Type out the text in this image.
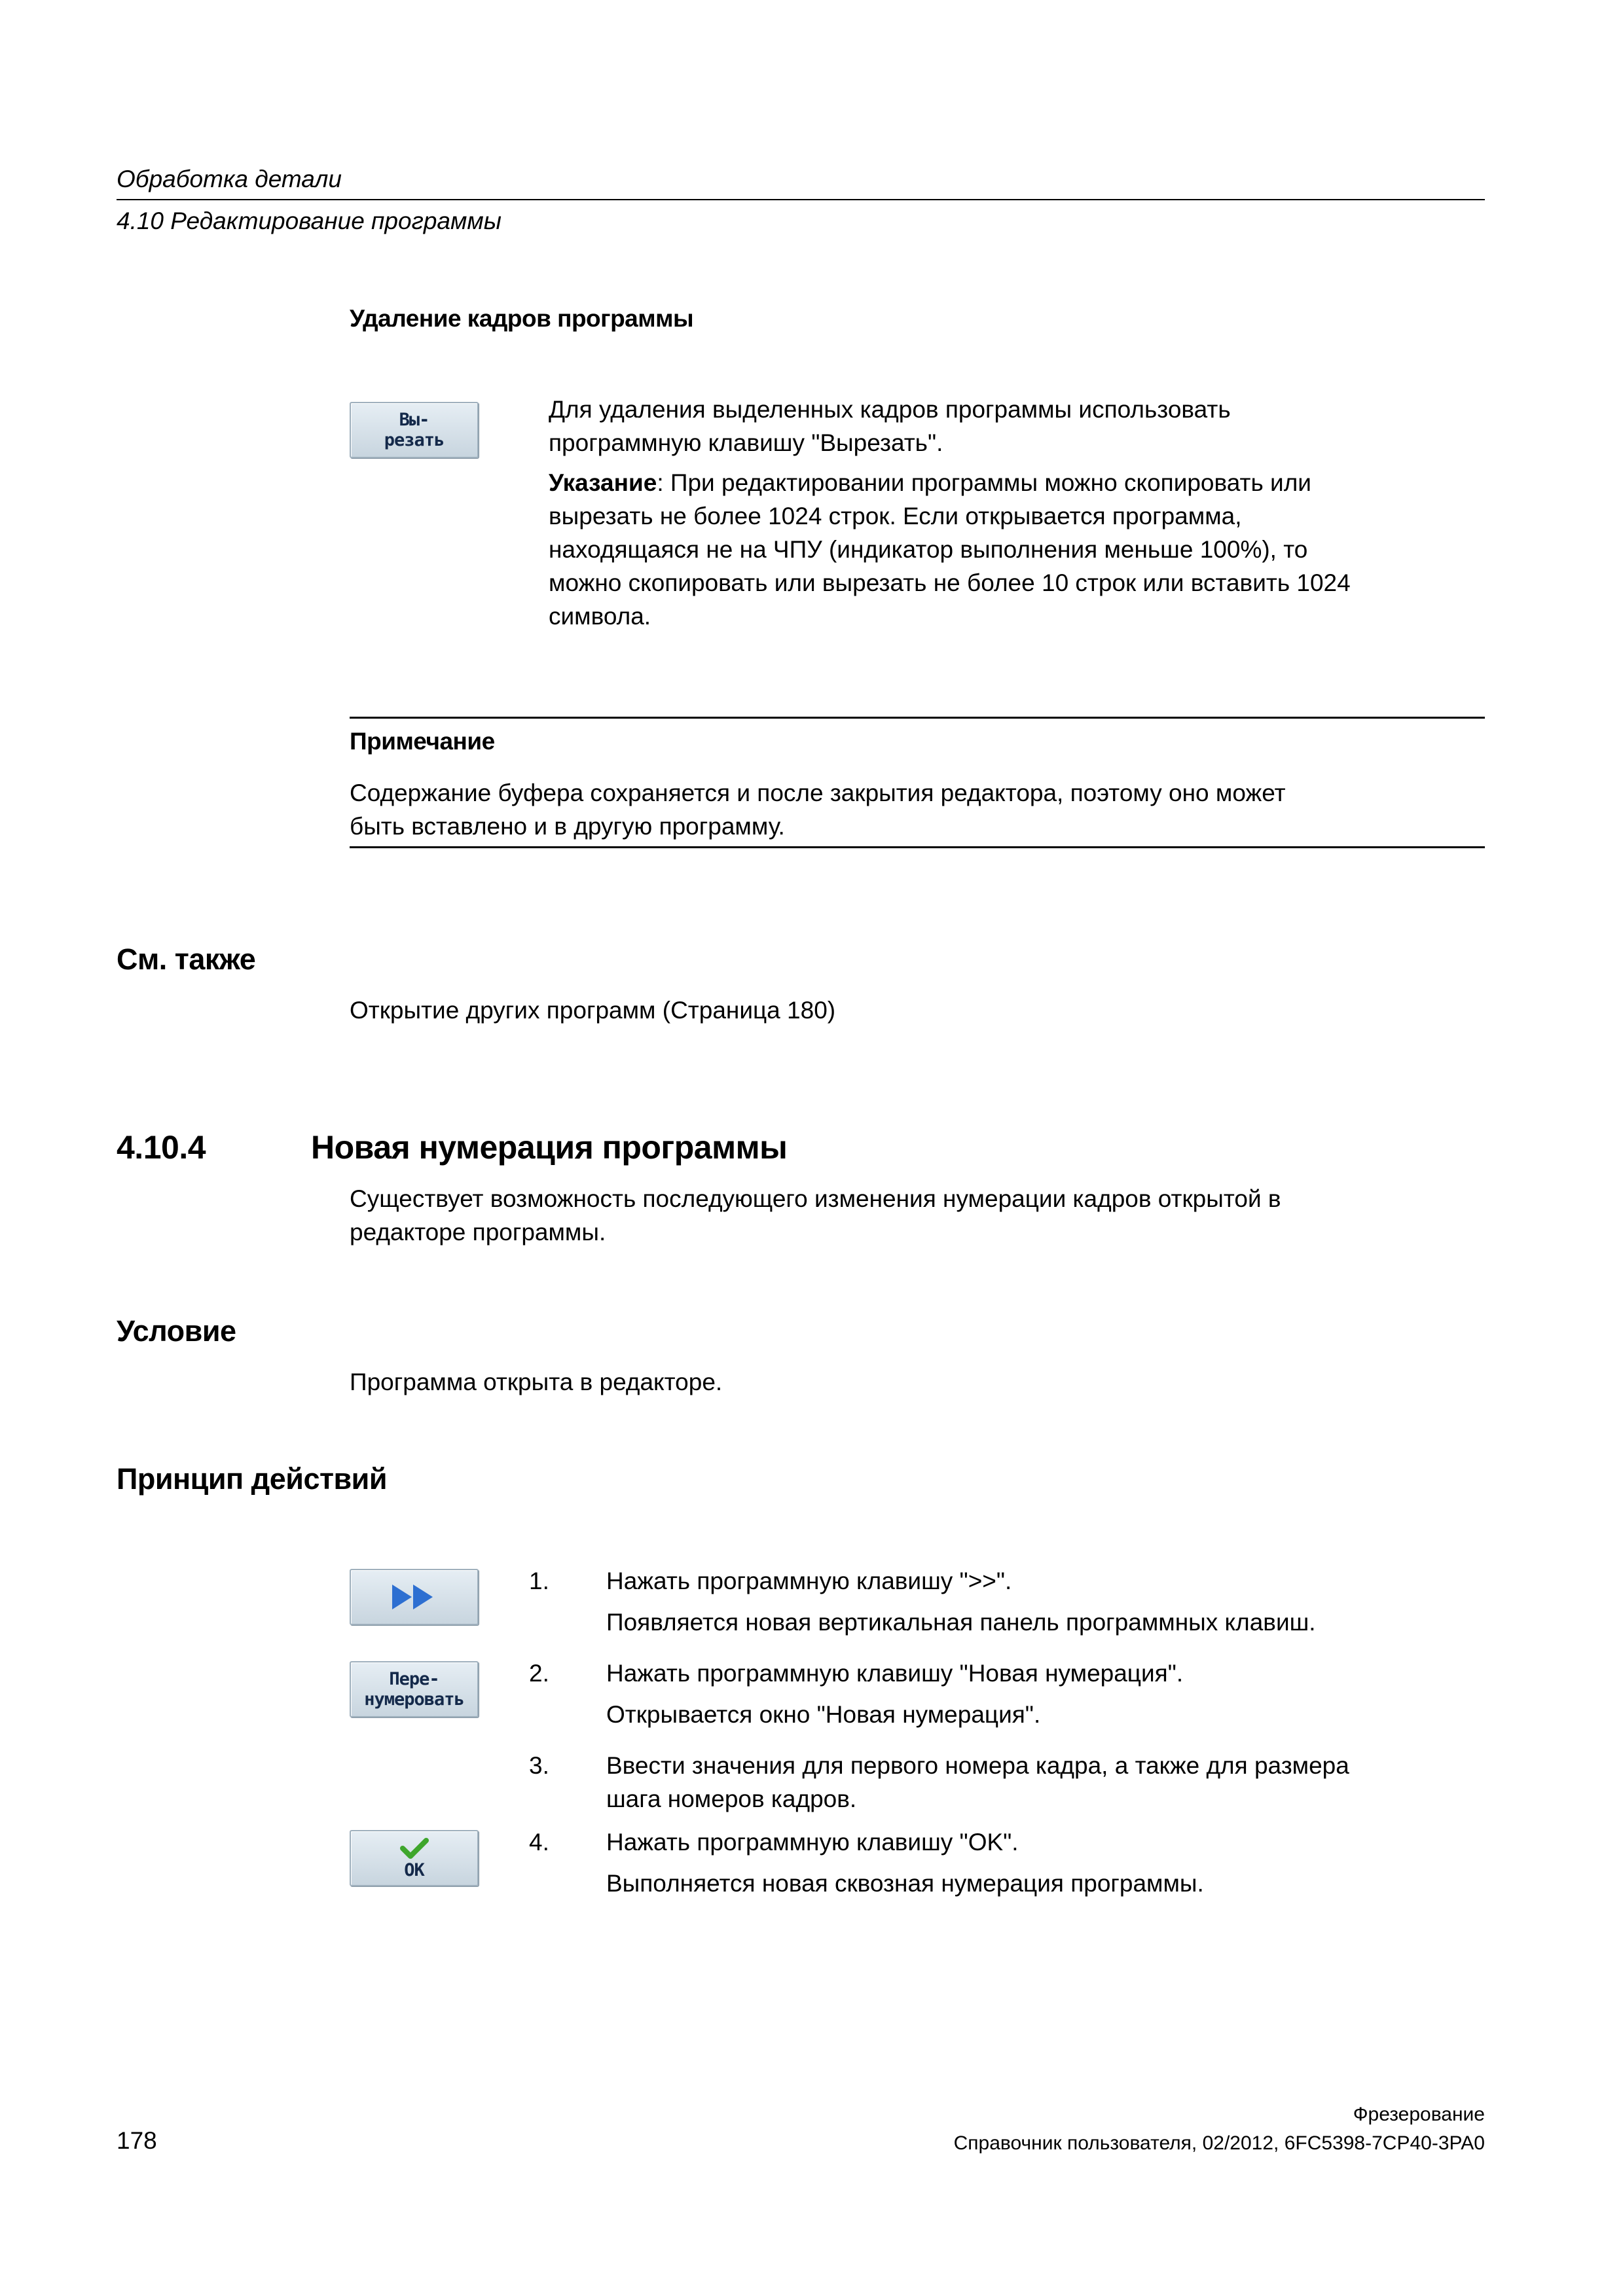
Обработка детали
4.10 Редактирование программы
Удаление кадров программы
Вы-
резать
Для удаления выделенных кадров программы использовать
программную клавишу "Вырезать".
Указание: При редактировании программы можно скопировать или
вырезать не более 1024 строк. Если открывается программа,
находящаяся не на ЧПУ (индикатор выполнения меньше 100%), то
можно скопировать или вырезать не более 10 строк или вставить 1024
символа.
Примечание
Содержание буфера сохраняется и после закрытия редактора, поэтому оно может
быть вставлено и в другую программу.
См. также
Открытие других программ (Страница 180)
4.10.4	Новая нумерация программы
Существует возможность последующего изменения нумерации кадров открытой в
редакторе программы.
Условие
Программа открыта в редакторе.
Принцип действий
Пере-
нумеровать
OK
1. Нажать программную клавишу ">>".
Появляется новая вертикальная панель программных клавиш.
2. Нажать программную клавишу "Новая нумерация".
Открывается окно "Новая нумерация".
3. Ввести значения для первого номера кадра, а также для размера
шага номеров кадров.
4. Нажать программную клавишу "OK".
Выполняется новая сквозная нумерация программы.
Фрезерование
178	Справочник пользователя, 02/2012, 6FC5398-7CP40-3PA0
